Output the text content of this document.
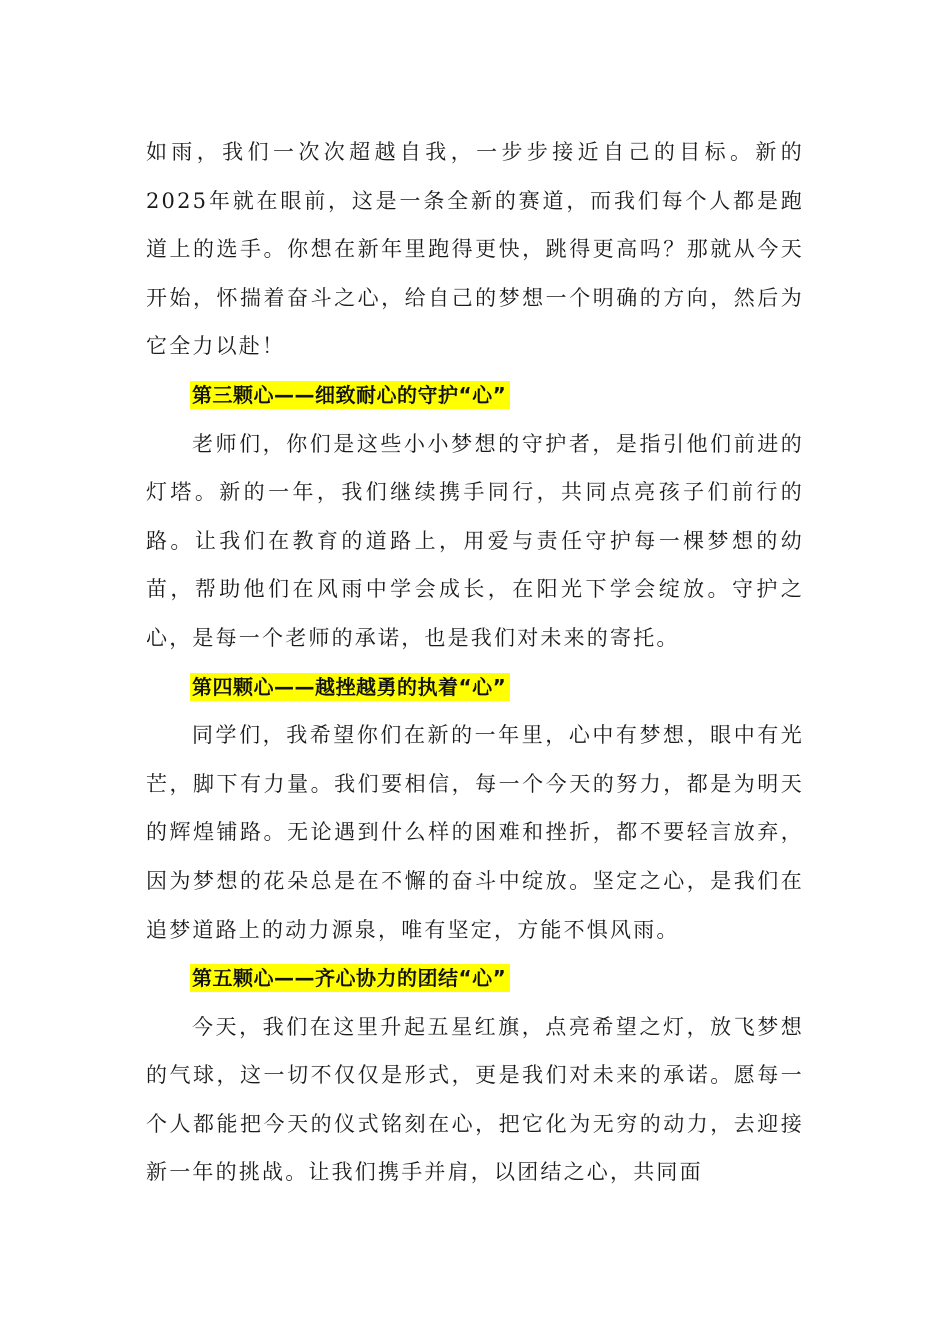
如雨，我们一次次超越自我，一步步接近自己的目标。新的2025年就在眼前，这是一条全新的赛道，而我们每个人都是跑道上的选手。你想在新年里跑得更快，跳得更高吗？那就从今天开始，怀揣着奋斗之心，给自己的梦想一个明确的方向，然后为它全力以赴！

第三颗心——细致耐心的守护“心”

老师们，你们是这些小小梦想的守护者，是指引他们前进的灯塔。新的一年，我们继续携手同行，共同点亮孩子们前行的路。让我们在教育的道路上，用爱与责任守护每一棵梦想的幼苗，帮助他们在风雨中学会成长，在阳光下学会绽放。守护之心，是每一个老师的承诺，也是我们对未来的寄托。

第四颗心——越挫越勇的执着“心”

同学们，我希望你们在新的一年里，心中有梦想，眼中有光芒，脚下有力量。我们要相信，每一个今天的努力，都是为明天的辉煌铺路。无论遇到什么样的困难和挫折，都不要轻言放弃，因为梦想的花朵总是在不懈的奋斗中绽放。坚定之心，是我们在追梦道路上的动力源泉，唯有坚定，方能不惧风雨。

第五颗心——齐心协力的团结“心”

今天，我们在这里升起五星红旗，点亮希望之灯，放飞梦想的气球，这一切不仅仅是形式，更是我们对未来的承诺。愿每一个人都能把今天的仪式铭刻在心，把它化为无穷的动力，去迎接新一年的挑战。让我们携手并肩，以团结之心，共同面
